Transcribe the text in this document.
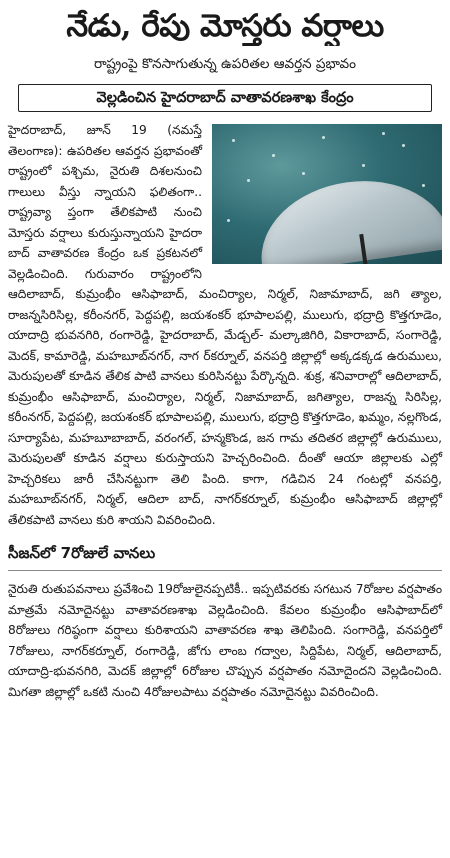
నేడు, రేపు మోస్తరు వర్షాలు
రాష్ట్రంపై కొనసాగుతున్న ఉపరితల ఆవర్తన ప్రభావం
వెల్లడించిన హైదరాబాద్ వాతావరణశాఖ కేంద్రం
హైదరాబాద్, జూన్ 19 (నమస్తే తెలంగాణ): ఉపరితల ఆవర్తన ప్రభావంతో రాష్ట్రంలో పశ్చిమ, నైరుతి దిశలనుంచి గాలులు వీస్తు న్నాయని ఫలితంగా.. రాష్ట్రవ్యా ప్తంగా తేలికపాటి నుంచి మోస్తరు వర్షాలు కురుస్తున్నాయని హైదరా బాద్ వాతావరణ కేంద్రం ఒక ప్రకటనలో వెల్లడించింది. గురువారం రాష్ట్రంలోని ఆదిలాబాద్, కుమ్రంభీం ఆసిఫాబాద్, మంచిర్యాల, నిర్మల్, నిజామాబాద్, జగి త్యాల, రాజన్నసిరిసిల్ల, కరీంనగర్, పెద్దపల్లి, జయశంకర్ భూపాలపల్లి, ములుగు, భద్రాద్రి కొత్తగూడెం, యాదాద్రి భువనగిరి, రంగారెడ్డి, హైదరాబాద్, మేడ్చల్- మల్కాజిగిరి, వికారాబాద్, సంగారెడ్డి, మెదక్, కామారెడ్డి, మహబూబ్‌నగర్, నాగ ర్‌కర్నూల్, వనపర్తి జిల్లాల్లో అక్కడక్కడ ఉరుములు, మెరుపులతో కూడిన తేలిక పాటి వానలు కురిసినట్టు పేర్కొన్నది. శుక్ర, శనివారాల్లో ఆదిలాబాద్, కుమ్రంభీం ఆసిఫాబాద్, మంచిర్యాల, నిర్మల్, నిజామాబాద్, జగిత్యాల, రాజన్న సిరిసిల్ల, కరీంనగర్, పెద్దపల్లి, జయశంకర్ భూపాలపల్లి, ములుగు, భద్రాద్రి కొత్తగూడెం, ఖమ్మం, నల్లగొండ, సూర్యాపేట, మహబూబాబాద్, వరంగల్, హన్మకొండ, జన గామ తదితర జిల్లాల్లో ఉరుములు, మెరుపులతో కూడిన వర్షాలు కురుస్తాయని హెచ్చరించింది. దీంతో ఆయా జిల్లాలకు ఎల్లో హెచ్చరికలు జారీ చేసినట్టుగా తెలి పింది. కాగా, గడిచిన 24 గంటల్లో వనపర్తి, మహబూబ్‌నగర్, నిర్మల్, ఆదిలా బాద్, నాగర్‌కర్నూల్, కుమ్రంభీం ఆసిఫాబాద్ జిల్లాల్లో తేలికపాటి వానలు కురి శాయని వివరించింది.
సీజన్‌లో 7రోజులే వానలు
నైరుతి రుతుపవనాలు ప్రవేశించి 19రోజులైనప్పటికీ.. ఇప్పటివరకు సగటున 7రోజుల వర్షపాతం మాత్రమే నమోదైనట్టు వాతావరణశాఖ వెల్లడించింది. కేవలం కుమ్రంభీం ఆసిఫాబాద్‌లో 8రోజులు గరిష్ఠంగా వర్షాలు కురిశాయని వాతావరణ శాఖ తెలిపింది. సంగారెడ్డి, వనపర్తిలో 7రోజులు, నాగర్‌కర్నూల్, రంగారెడ్డి, జోగు లాంబ గద్వాల, సిద్దిపేట, నిర్మల్, ఆదిలాబాద్, యాదాద్రి-భువనగిరి, మెదక్ జిల్లాల్లో 6రోజుల చొప్పున వర్షపాతం నమోదైందని వెల్లడించింది. మిగతా జిల్లాల్లో ఒకటి నుంచి 4రోజులపాటు వర్షపాతం నమోదైనట్టు వివరించింది.
